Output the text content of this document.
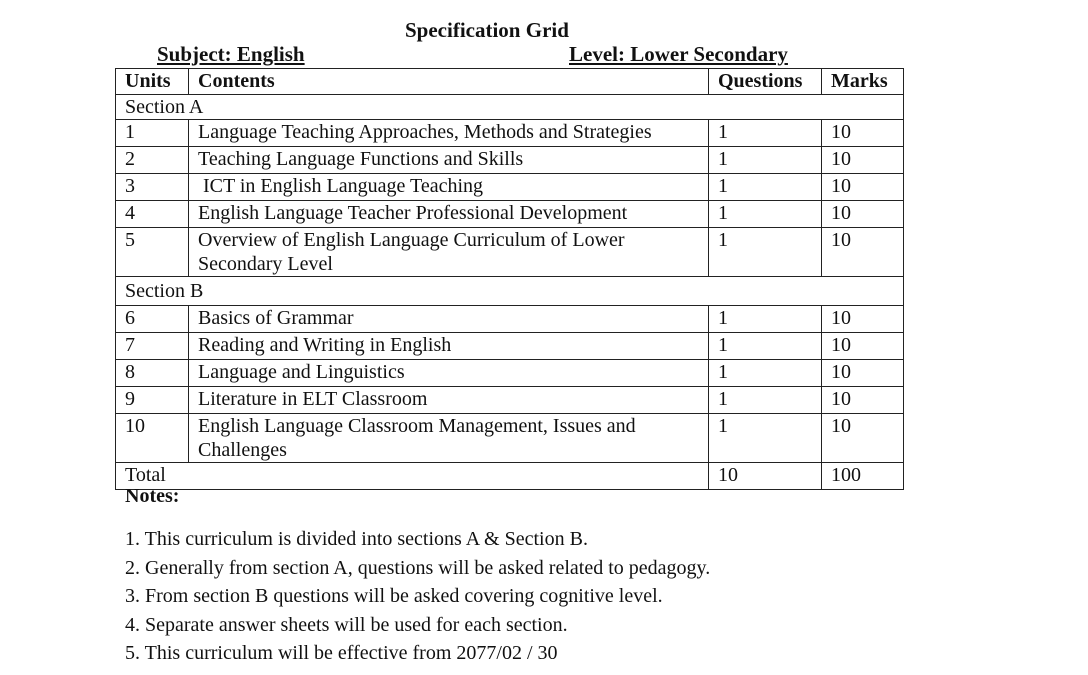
Specification Grid
Subject: English	Level: Lower Secondary
Units	Contents	Questions	Marks
Section A			
1	Language Teaching Approaches, Methods and Strategies	1	10
2	Teaching Language Functions and Skills	1	10
3	ICT in English Language Teaching	1	10
4	English Language Teacher Professional Development	1	10
5	Overview of English Language Curriculum of Lower Secondary Level	1	10
Section B			
6	Basics of Grammar	1	10
7	Reading and Writing in English	1	10
8	Language and Linguistics	1	10
9	Literature in ELT Classroom	1	10
10	English Language Classroom Management, Issues and Challenges	1	10
Total		10	100
Notes:
1. This curriculum is divided into sections A & Section B.
2. Generally from section A, questions will be asked related to pedagogy.
3. From section B questions will be asked covering cognitive level.
4. Separate answer sheets will be used for each section.
5. This curriculum will be effective from 2077/02 / 30
